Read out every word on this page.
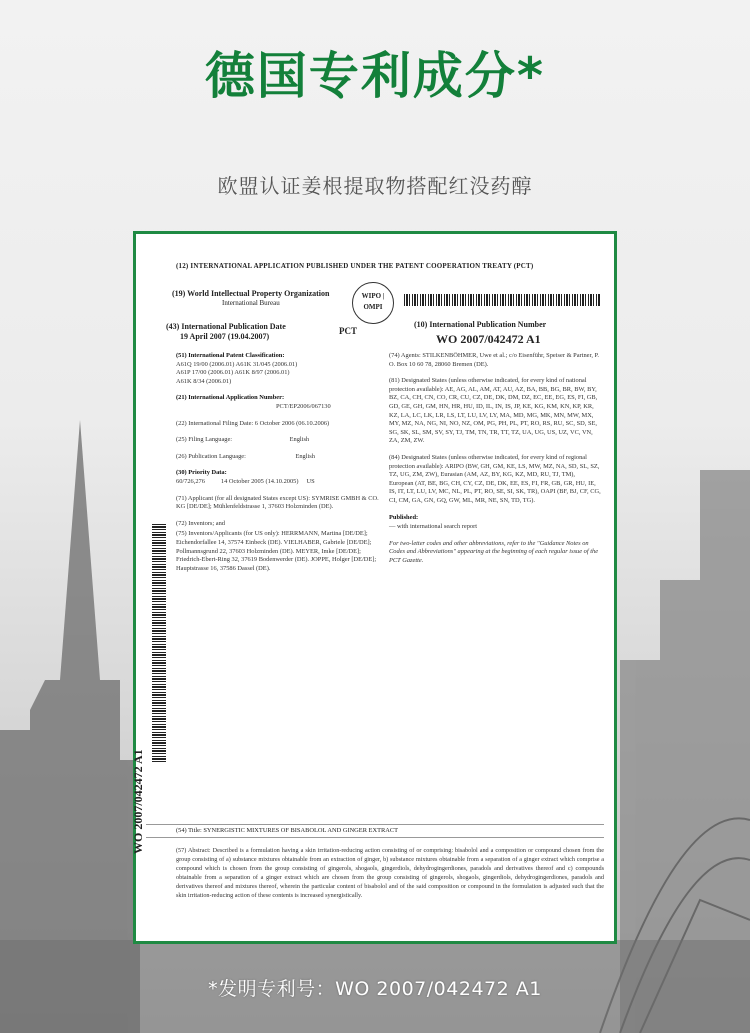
德国专利成分*
欧盟认证姜根提取物搭配红没药醇
(12) INTERNATIONAL APPLICATION PUBLISHED UNDER THE PATENT COOPERATION TREATY (PCT)
(19) World Intellectual Property Organization
International Bureau
WIPO | OMPI
(43) International Publication Date
19 April 2007 (19.04.2007)
PCT
(10) International Publication Number
WO 2007/042472 A1

(51) International Patent Classification:
A61Q 19/00 (2006.01) A61K 31/045 (2006.01)
A61P 17/00 (2006.01) A61K 8/97 (2006.01)
A61K 8/34 (2006.01)

(21) International Application Number:
PCT/EP2006/067130

(22) International Filing Date: 6 October 2006 (06.10.2006)

(25) Filing Language:                                    English

(26) Publication Language:                               English

(30) Priority Data:
60/726,276          14 October 2005 (14.10.2005)     US

(71) Applicant (for all designated States except US): SYMRISE GMBH & CO. KG [DE/DE]; Mühlenfeldstrasse 1, 37603 Holzminden (DE).

(72) Inventors; and

(75) Inventors/Applicants (for US only): HERRMANN, Martina [DE/DE]; Eichendorfallee 14, 37574 Einbeck (DE). VIELHABER, Gabriele [DE/DE]; Pollmannsgrund 22, 37603 Holzminden (DE). MEYER, Imke [DE/DE]; Friedrich-Ebert-Ring 32, 37619 Bodenwerder (DE). JOPPE, Holger [DE/DE]; Hauptstrasse 16, 37586 Dassel (DE).

(74) Agents: STILKENBÖHMER, Uwe et al.; c/o Eisenführ, Speiser & Partner, P. O. Box 10 60 78, 28060 Bremen (DE).

(81) Designated States (unless otherwise indicated, for every kind of national protection available): AE, AG, AL, AM, AT, AU, AZ, BA, BB, BG, BR, BW, BY, BZ, CA, CH, CN, CO, CR, CU, CZ, DE, DK, DM, DZ, EC, EE, EG, ES, FI, GB, GD, GE, GH, GM, HN, HR, HU, ID, IL, IN, IS, JP, KE, KG, KM, KN, KP, KR, KZ, LA, LC, LK, LR, LS, LT, LU, LV, LY, MA, MD, MG, MK, MN, MW, MX, MY, MZ, NA, NG, NI, NO, NZ, OM, PG, PH, PL, PT, RO, RS, RU, SC, SD, SE, SG, SK, SL, SM, SV, SY, TJ, TM, TN, TR, TT, TZ, UA, UG, US, UZ, VC, VN, ZA, ZM, ZW.

(84) Designated States (unless otherwise indicated, for every kind of regional protection available): ARIPO (BW, GH, GM, KE, LS, MW, MZ, NA, SD, SL, SZ, TZ, UG, ZM, ZW), Eurasian (AM, AZ, BY, KG, KZ, MD, RU, TJ, TM), European (AT, BE, BG, CH, CY, CZ, DE, DK, EE, ES, FI, FR, GB, GR, HU, IE, IS, IT, LT, LU, LV, MC, NL, PL, PT, RO, SE, SI, SK, TR), OAPI (BF, BJ, CF, CG, CI, CM, GA, GN, GQ, GW, ML, MR, NE, SN, TD, TG).

Published:

— with international search report

For two-letter codes and other abbreviations, refer to the "Guidance Notes on Codes and Abbreviations" appearing at the beginning of each regular issue of the PCT Gazette.

WO 2007/042472 A1	(54) Title: SYNERGISTIC MIXTURES OF BISABOLOL AND GINGER EXTRACT
(57) Abstract: Described is a formulation having a skin irritation-reducing action consisting of or comprising: bisabolol and a composition or compound chosen from the group consisting of a) substance mixtures obtainable from an extraction of ginger, b) substance mixtures obtainable from a separation of a ginger extract which comprise a compound which is chosen from the group consisting of gingerols, shogaols, gingerdiols, dehydrogingerdiones, paradols and derivatives thereof and c) compounds obtainable from a separation of a ginger extract which are chosen from the group consisting of gingerols, shogaols, gingerdiols, dehydrogingerdiones, paradols and derivatives thereof and mixtures thereof, wherein the particular content of bisabolol and of the said composition or compound in the formulation is adjusted such that the skin irritation-reducing action of these contents is increased synergistically.
*发明专利号：WO 2007/042472 A1
